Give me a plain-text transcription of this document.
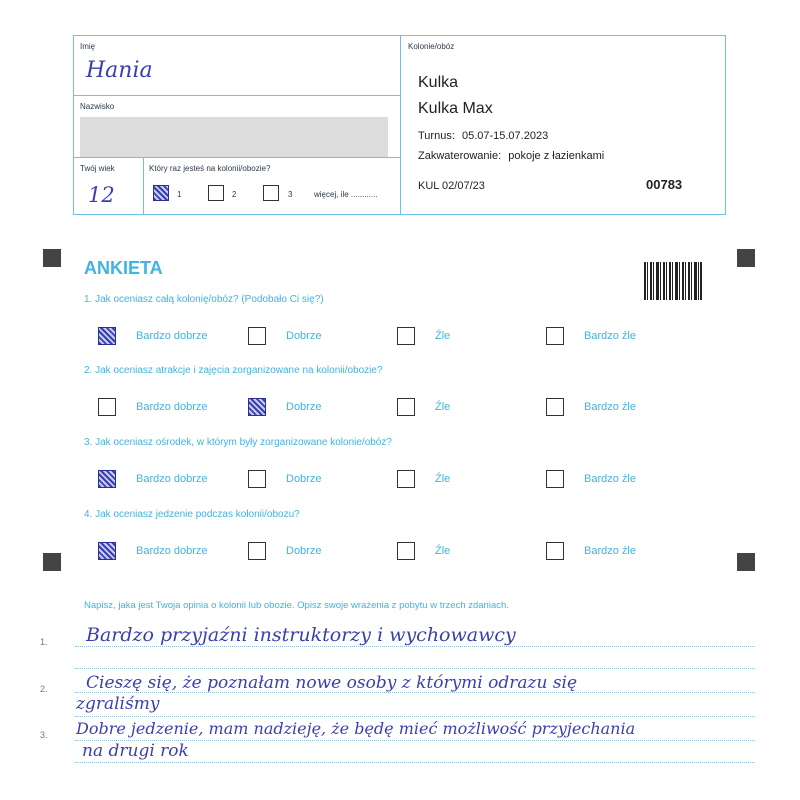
Imię
Hania
Nazwisko
Twój wiek
12
Który raz jesteś na kolonii/obozie?
1	2	3	więcej, ile ............
Kolonie/obóz
Kulka
Kulka Max
Turnus: 05.07-15.07.2023
Zakwaterowanie: pokoje z łazienkami
KUL 02/07/23	00783
ANKIETA
1. Jak oceniasz całą kolonię/obóz? (Podobało Ci się?)
Bardzo dobrze	Dobrze	Źle	Bardzo źle
2. Jak oceniasz atrakcje i zajęcia zorganizowane na kolonii/obozie?
Bardzo dobrze	Dobrze	Źle	Bardzo źle
3. Jak oceniasz ośrodek, w którym były zorganizowane kolonie/obóz?
Bardzo dobrze	Dobrze	Źle	Bardzo źle
4. Jak oceniasz jedzenie podczas kolonii/obozu?
Bardzo dobrze	Dobrze	Źle	Bardzo źle
Napisz, jaka jest Twoja opinia o kolonii lub obozie. Opisz swoje wrażenia z pobytu w trzech zdaniach.
1.
2.
3.
Bardzo przyjaźni instruktorzy i wychowawcy
Cieszę się, że poznałam nowe osoby z którymi odrazu się
zgraliśmy
Dobre jedzenie, mam nadzieję, że będę mieć możliwość przyjechania
na drugi rok
